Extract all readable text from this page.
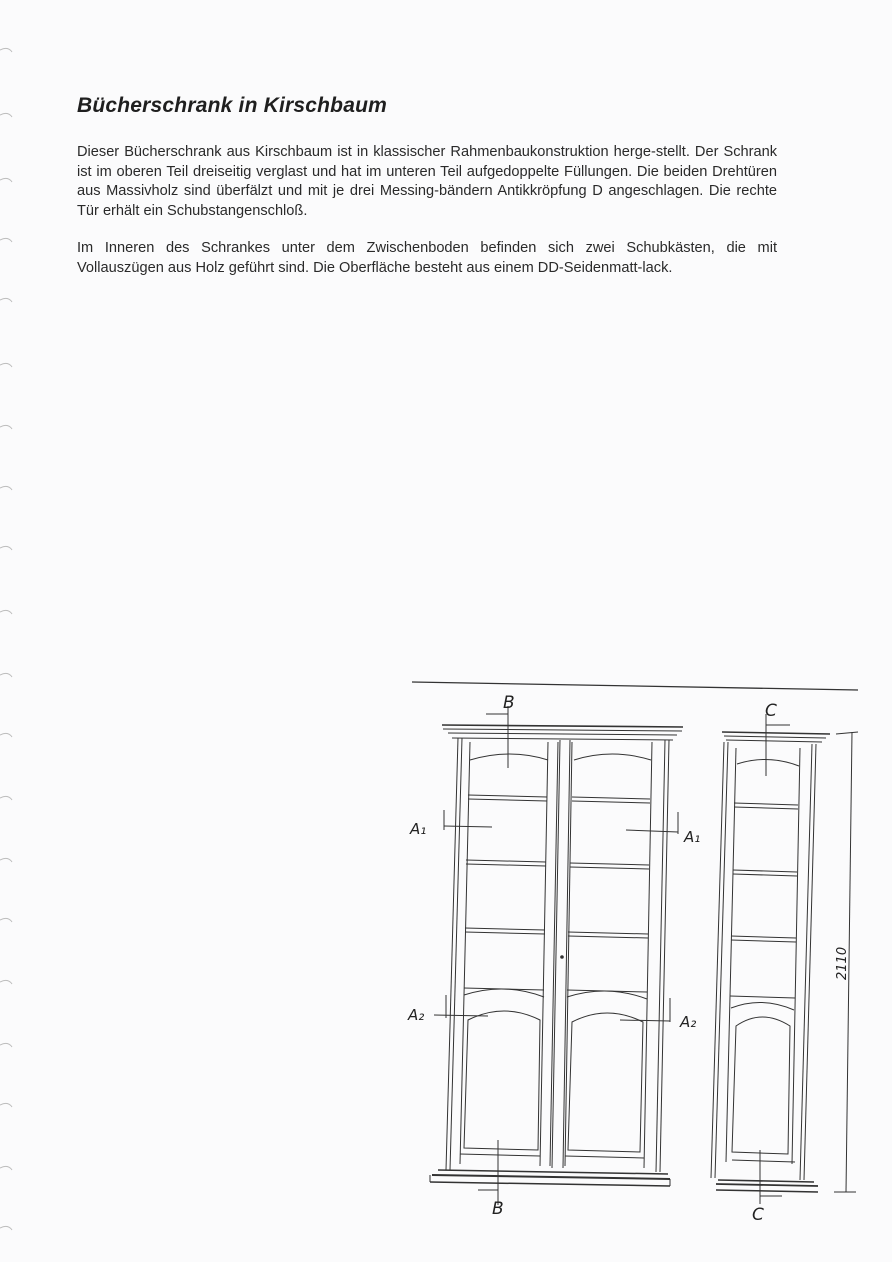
Bücherschrank in Kirschbaum

Dieser Bücherschrank aus Kirschbaum ist in klassischer Rahmenbaukonstruktion herge-stellt. Der Schrank ist im oberen Teil dreiseitig verglast und hat im unteren Teil aufgedoppelte Füllungen. Die beiden Drehtüren aus Massivholz sind überfälzt und mit je drei Messing-bändern Antikkröpfung D angeschlagen. Die rechte Tür erhält ein Schubstangenschloß.

Im Inneren des Schrankes unter dem Zwischenboden befinden sich zwei Schubkästen, die mit Vollauszügen aus Holz geführt sind. Die Oberfläche besteht aus einem DD-Seidenmatt-lack.

B
B
C
C
A₁	A₁
A₂	A₂
2110
